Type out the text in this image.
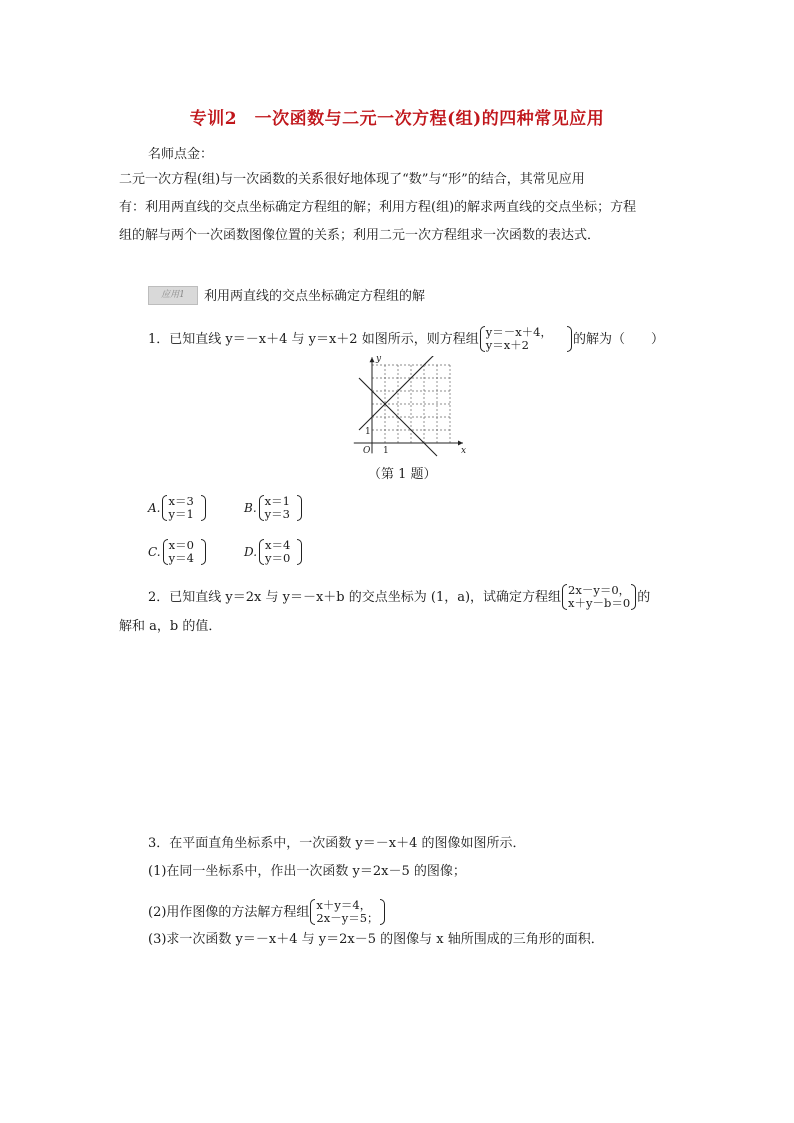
专训2　一次函数与二元一次方程(组)的四种常见应用
名师点金：
二元一次方程(组)与一次函数的关系很好地体现了“数”与“形”的结合，其常见应用
有：利用两直线的交点坐标确定方程组的解；利用方程(组)的解求两直线的交点坐标；方程
组的解与两个一次函数图像位置的关系；利用二元一次方程组求一次函数的表达式．
应用1	利用两直线的交点坐标确定方程组的解
1．已知直线 y＝－x＋4 与 y＝x＋2 如图所示，则方程组 y＝－x＋4，
y＝x＋2	的解为（　　）
x
y
O 1
1
（第 1 题）
A. x＝3
y＝1	B. x＝1
y＝3
C. x＝0
y＝4	D. x＝4
y＝0
2．已知直线 y＝2x 与 y＝－x＋b 的交点坐标为 (1，a)，试确定方程组 2x－y＝0，
x＋y－b＝0 的
解和 a，b 的值．
3．在平面直角坐标系中，一次函数 y＝－x＋4 的图像如图所示．
(1)在同一坐标系中，作出一次函数 y＝2x－5 的图像；
(2)用作图像的方法解方程组 x＋y＝4，
2x－y＝5；
(3)求一次函数 y＝－x＋4 与 y＝2x－5 的图像与 x 轴所围成的三角形的面积．
